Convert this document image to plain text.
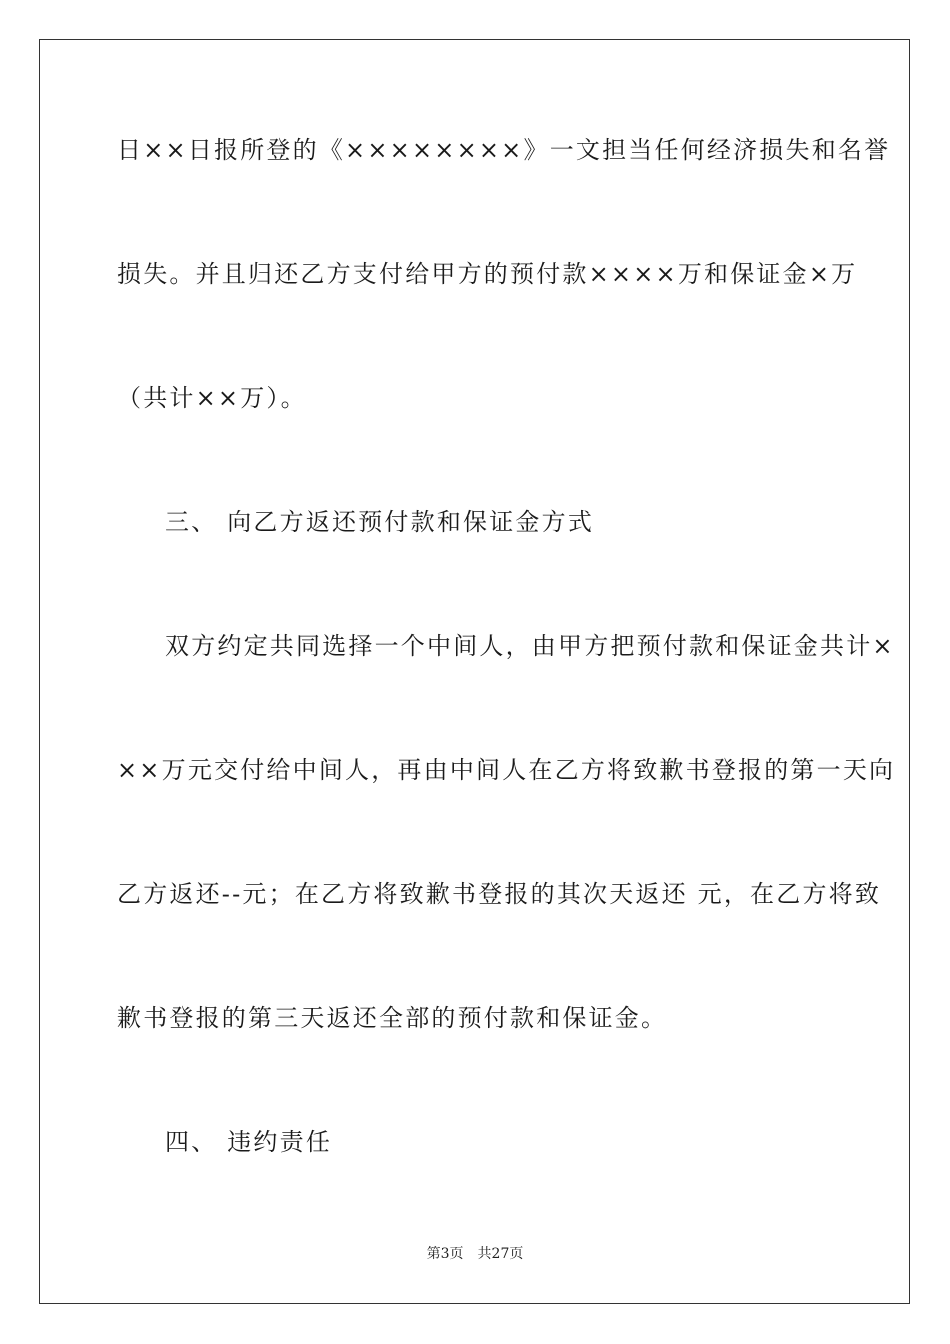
日××日报所登的《××××××××》一文担当任何经济损失和名誉
损失。并且归还乙方支付给甲方的预付款××××万和保证金×万
（共计××万）。
三、 向乙方返还预付款和保证金方式
双方约定共同选择一个中间人，由甲方把预付款和保证金共计×
××万元交付给中间人，再由中间人在乙方将致歉书登报的第一天向
乙方返还--元；在乙方将致歉书登报的其次天返还 元，在乙方将致
歉书登报的第三天返还全部的预付款和保证金。
四、 违约责任
第3页 共27页
